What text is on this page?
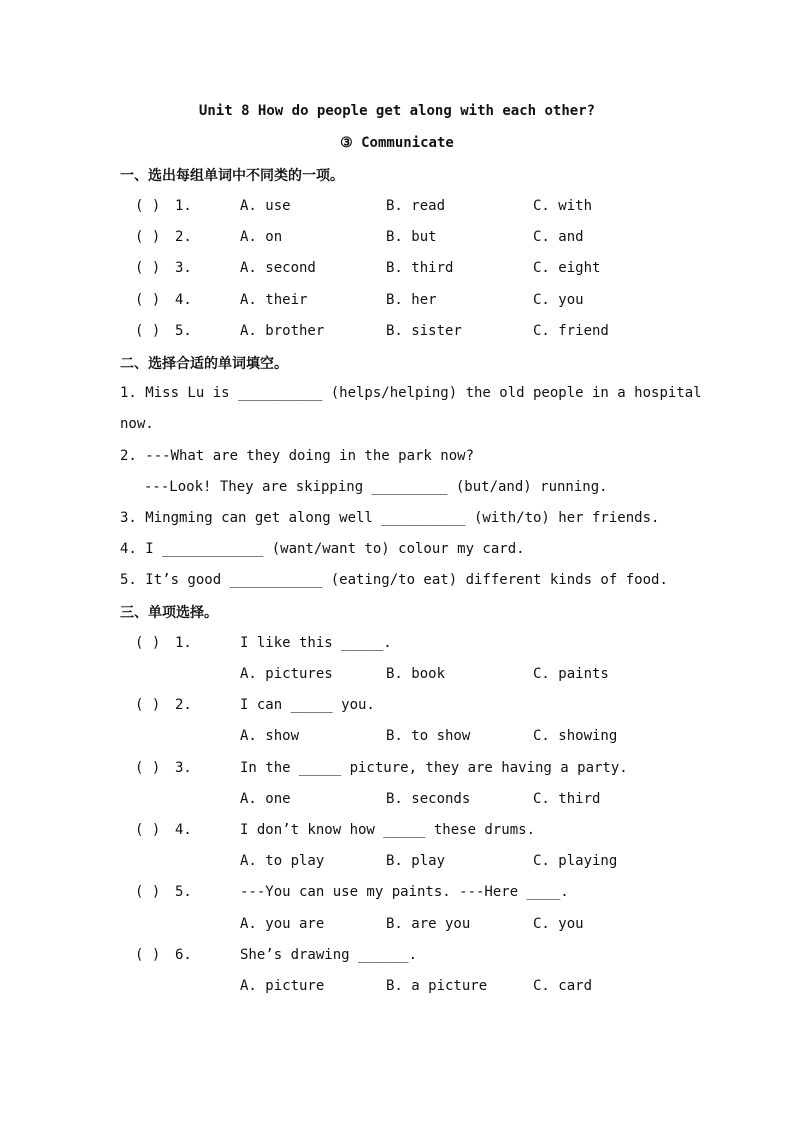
Unit 8 How do people get along with each other?
③ Communicate
一、选出每组单词中不同类的一项。
( ) 1.	A. use	B. read	C. with
( ) 2.	A. on	B. but	C. and
( ) 3.	A. second	B. third	C. eight
( ) 4.	A. their	B. her	C. you
( ) 5.	A. brother	B. sister	C. friend
二、选择合适的单词填空。
1. Miss Lu is __________ (helps/helping) the old people in a hospital
now.
2. ---What are they doing in the park now?
---Look! They are skipping _________ (but/and) running.
3. Mingming can get along well __________ (with/to) her friends.
4. I ____________ (want/want to) colour my card.
5. It’s good ___________ (eating/to eat) different kinds of food.
三、单项选择。
( ) 1.	I like this _____.
A. pictures	B. book	C. paints
( ) 2.	I can _____ you.
A. show	B. to show	C. showing
( ) 3.	In the _____ picture, they are having a party.
A. one	B. seconds	C. third
( ) 4.	I don’t know how _____ these drums.
A. to play	B. play	C. playing
( ) 5.	---You can use my paints. ---Here ____.
A. you are	B. are you	C. you
( ) 6.	She’s drawing ______.
A. picture	B. a picture	C. card
